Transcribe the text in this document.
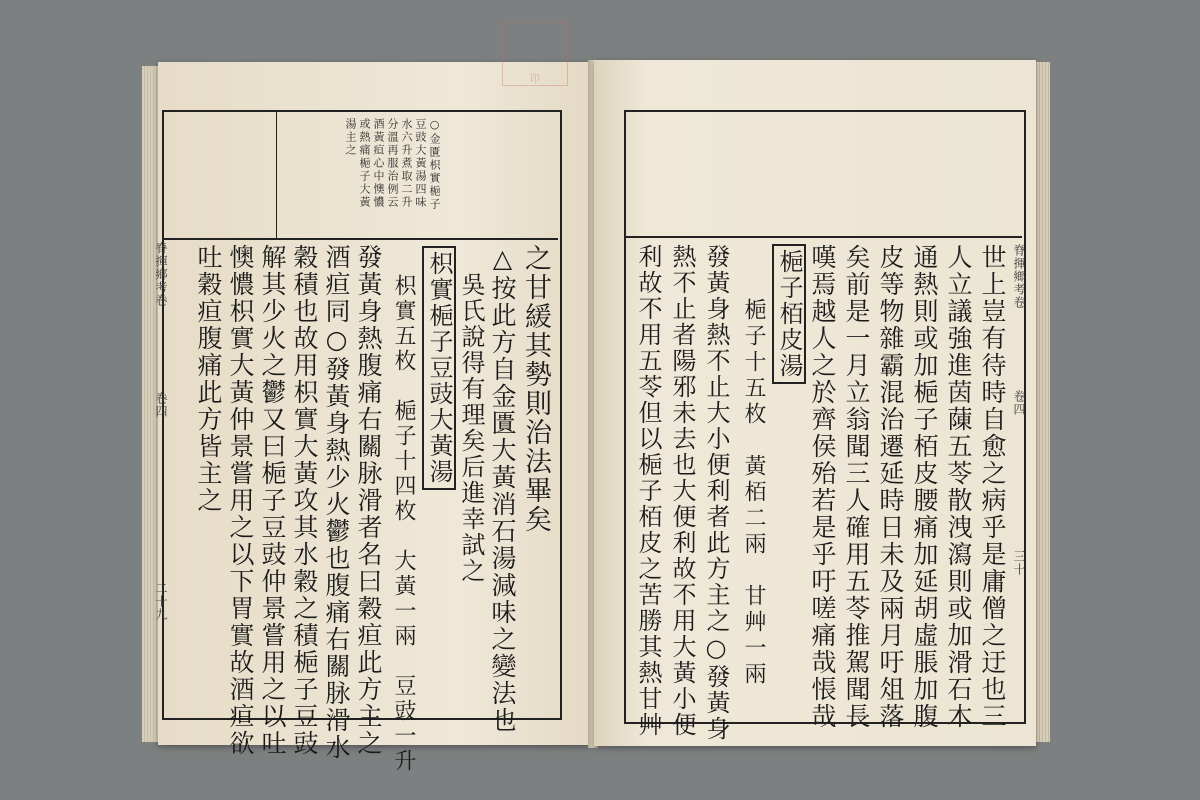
○金匱枳實梔子
豆豉大黃湯四味
水六升煮取二升
分溫再服治例云
酒黃疸心中懊憹
或熱痛梔子大黃
湯主之
脊揮鄉考卷
卷四
二十九
之甘緩其勢則治法畢矣
△按此方自金匱大黃消石湯減味之變法也
吳氏說得有理矣后進幸試之
枳實梔子豆豉大黃湯
枳實五枚　梔子十四枚　大黃一兩　豆豉一升
發黃身熱腹痛右關脉滑者名曰穀疸此方主之
酒疸同○發黃身熱少火鬱也腹痛右關脉滑水
穀積也故用枳實大黃攻其水穀之積梔子豆豉
解其少火之鬱又曰梔子豆豉仲景嘗用之以吐
懊憹枳實大黃仲景嘗用之以下胃實故酒疸欲
吐穀疸腹痛此方皆主之	脊揮鄉考卷
卷四
三十
世上豈有待時自愈之病乎是庸僧之迂也三
人立議強進茵蔯五苓散洩瀉則或加滑石木
通熱則或加梔子栢皮腰痛加延胡虛脹加腹
皮等物雜霸混治遷延時日未及兩月吁俎落
矣前是一月立翁聞三人確用五苓推駕聞長
嘆焉越人之於齊侯殆若是乎吁嗟痛哉悵哉
梔子栢皮湯
梔子十五枚　黃栢二兩　甘艸一兩
發黃身熱不止大小便利者此方主之○發黃身
熱不止者陽邪未去也大便利故不用大黃小便
利故不用五苓但以梔子栢皮之苦勝其熱甘艸
印
